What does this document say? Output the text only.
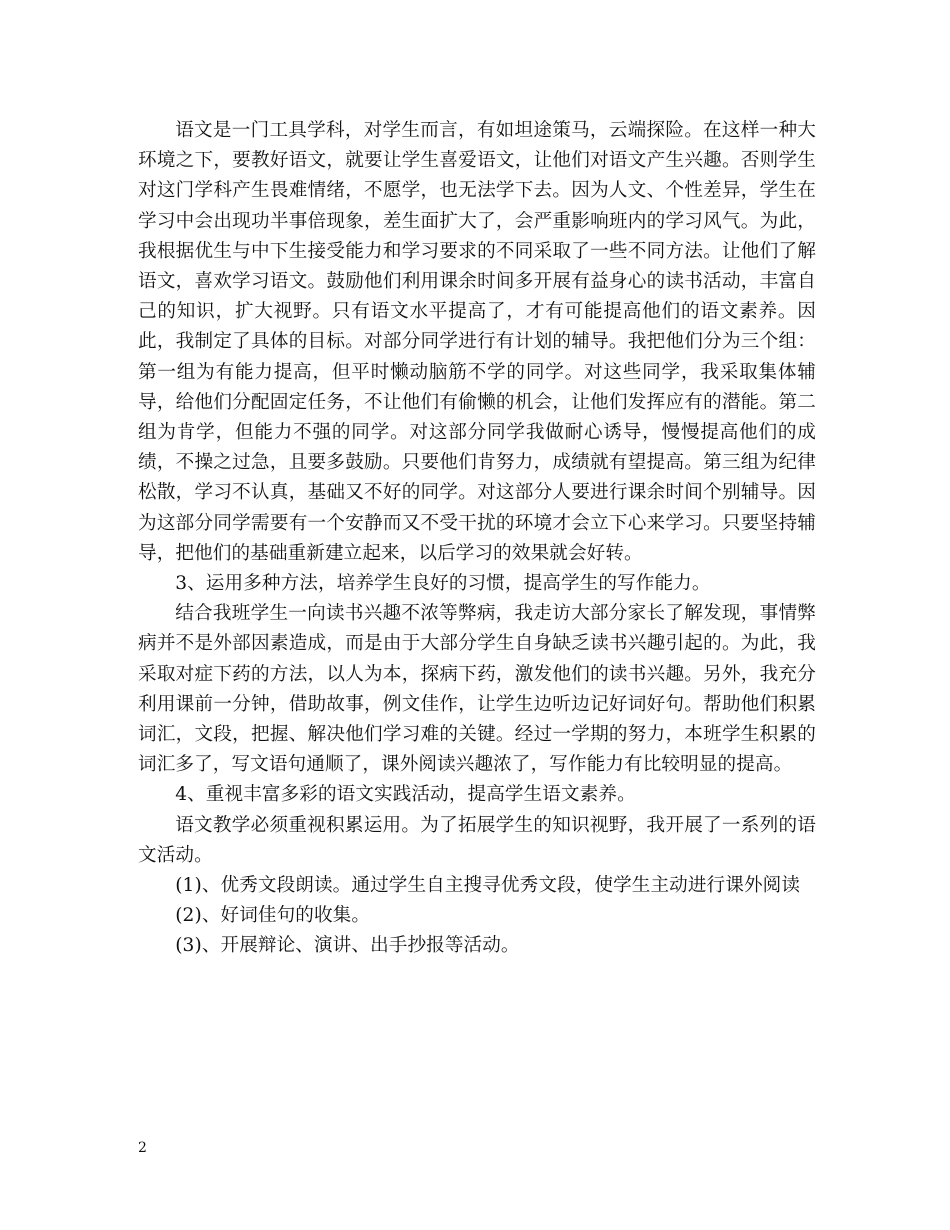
语文是一门工具学科，对学生而言，有如坦途策马，云端探险。在这样一种大环境之下，要教好语文，就要让学生喜爱语文，让他们对语文产生兴趣。否则学生对这门学科产生畏难情绪，不愿学，也无法学下去。因为人文、个性差异，学生在学习中会出现功半事倍现象，差生面扩大了，会严重影响班内的学习风气。为此，我根据优生与中下生接受能力和学习要求的不同采取了一些不同方法。让他们了解语文，喜欢学习语文。鼓励他们利用课余时间多开展有益身心的读书活动，丰富自己的知识，扩大视野。只有语文水平提高了，才有可能提高他们的语文素养。因此，我制定了具体的目标。对部分同学进行有计划的辅导。我把他们分为三个组：第一组为有能力提高，但平时懒动脑筋不学的同学。对这些同学，我采取集体辅导，给他们分配固定任务，不让他们有偷懒的机会，让他们发挥应有的潜能。第二组为肯学，但能力不强的同学。对这部分同学我做耐心诱导，慢慢提高他们的成绩，不操之过急，且要多鼓励。只要他们肯努力，成绩就有望提高。第三组为纪律松散，学习不认真，基础又不好的同学。对这部分人要进行课余时间个别辅导。因为这部分同学需要有一个安静而又不受干扰的环境才会立下心来学习。只要坚持辅导，把他们的基础重新建立起来，以后学习的效果就会好转。

3、运用多种方法，培养学生良好的习惯，提高学生的写作能力。

结合我班学生一向读书兴趣不浓等弊病，我走访大部分家长了解发现，事情弊病并不是外部因素造成，而是由于大部分学生自身缺乏读书兴趣引起的。为此，我采取对症下药的方法，以人为本，探病下药，激发他们的读书兴趣。另外，我充分利用课前一分钟，借助故事，例文佳作，让学生边听边记好词好句。帮助他们积累词汇，文段，把握、解决他们学习难的关键。经过一学期的努力，本班学生积累的词汇多了，写文语句通顺了，课外阅读兴趣浓了，写作能力有比较明显的提高。

4、重视丰富多彩的语文实践活动，提高学生语文素养。

语文教学必须重视积累运用。为了拓展学生的知识视野，我开展了一系列的语文活动。

(1)、优秀文段朗读。通过学生自主搜寻优秀文段，使学生主动进行课外阅读

(2)、好词佳句的收集。

(3)、开展辩论、演讲、出手抄报等活动。

2
